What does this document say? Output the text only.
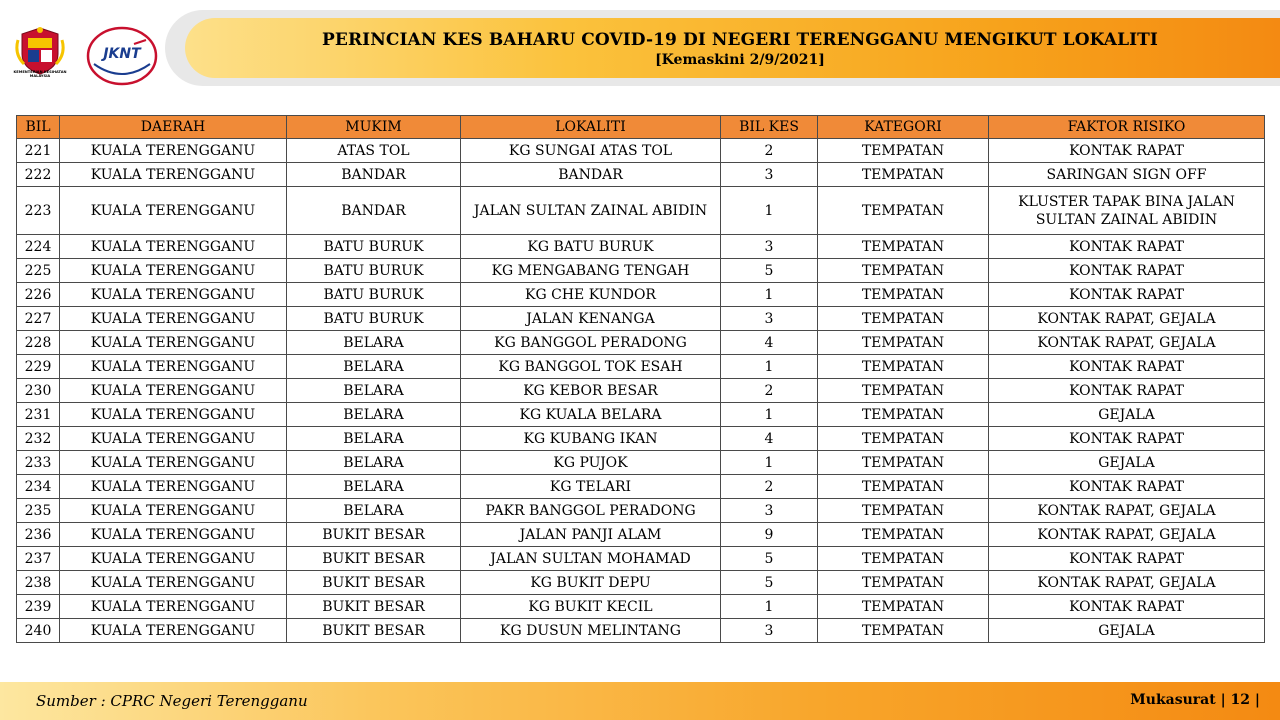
PERINCIAN KES BAHARU COVID-19 DI NEGERI TERENGGANU MENGIKUT LOKALITI
[Kemaskini 2/9/2021]
KEMENTERIAN KESIHATAN MALAYSIA
JKNT
BIL	DAERAH	MUKIM	LOKALITI	BIL KES	KATEGORI	FAKTOR RISIKO
221	KUALA TERENGGANU	ATAS TOL	KG SUNGAI ATAS TOL	2	TEMPATAN	KONTAK RAPAT
222	KUALA TERENGGANU	BANDAR	BANDAR	3	TEMPATAN	SARINGAN SIGN OFF
223	KUALA TERENGGANU	BANDAR	JALAN SULTAN ZAINAL ABIDIN	1	TEMPATAN	KLUSTER TAPAK BINA JALAN SULTAN ZAINAL ABIDIN
224	KUALA TERENGGANU	BATU BURUK	KG BATU BURUK	3	TEMPATAN	KONTAK RAPAT
225	KUALA TERENGGANU	BATU BURUK	KG MENGABANG TENGAH	5	TEMPATAN	KONTAK RAPAT
226	KUALA TERENGGANU	BATU BURUK	KG CHE KUNDOR	1	TEMPATAN	KONTAK RAPAT
227	KUALA TERENGGANU	BATU BURUK	JALAN KENANGA	3	TEMPATAN	KONTAK RAPAT, GEJALA
228	KUALA TERENGGANU	BELARA	KG BANGGOL PERADONG	4	TEMPATAN	KONTAK RAPAT, GEJALA
229	KUALA TERENGGANU	BELARA	KG BANGGOL TOK ESAH	1	TEMPATAN	KONTAK RAPAT
230	KUALA TERENGGANU	BELARA	KG KEBOR BESAR	2	TEMPATAN	KONTAK RAPAT
231	KUALA TERENGGANU	BELARA	KG KUALA BELARA	1	TEMPATAN	GEJALA
232	KUALA TERENGGANU	BELARA	KG KUBANG IKAN	4	TEMPATAN	KONTAK RAPAT
233	KUALA TERENGGANU	BELARA	KG PUJOK	1	TEMPATAN	GEJALA
234	KUALA TERENGGANU	BELARA	KG TELARI	2	TEMPATAN	KONTAK RAPAT
235	KUALA TERENGGANU	BELARA	PAKR BANGGOL PERADONG	3	TEMPATAN	KONTAK RAPAT, GEJALA
236	KUALA TERENGGANU	BUKIT BESAR	JALAN PANJI ALAM	9	TEMPATAN	KONTAK RAPAT, GEJALA
237	KUALA TERENGGANU	BUKIT BESAR	JALAN SULTAN MOHAMAD	5	TEMPATAN	KONTAK RAPAT
238	KUALA TERENGGANU	BUKIT BESAR	KG BUKIT DEPU	5	TEMPATAN	KONTAK RAPAT, GEJALA
239	KUALA TERENGGANU	BUKIT BESAR	KG BUKIT KECIL	1	TEMPATAN	KONTAK RAPAT
240	KUALA TERENGGANU	BUKIT BESAR	KG DUSUN MELINTANG	3	TEMPATAN	GEJALA
Sumber : CPRC Negeri Terengganu	Mukasurat | 12 |
